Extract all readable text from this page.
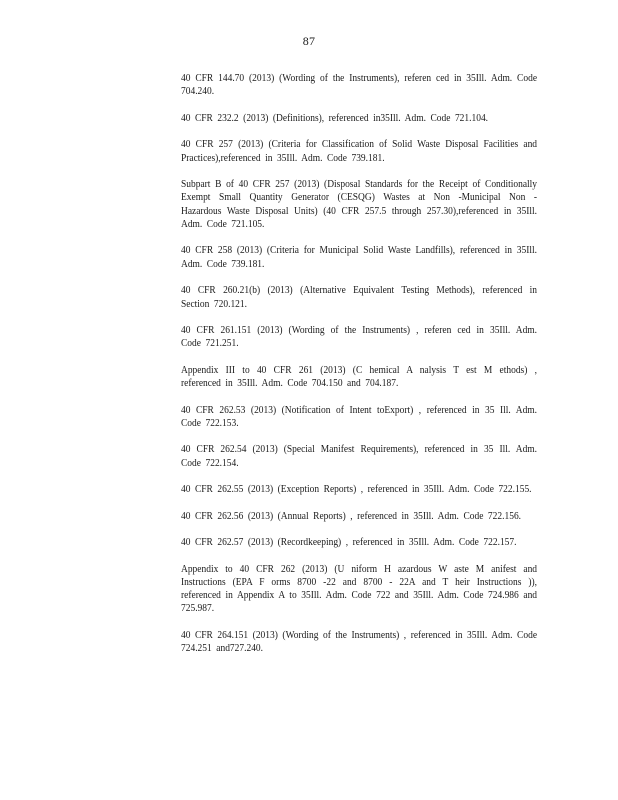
87

40 CFR 144.70 (2013) (Wording of the Instruments), referen ced in 35Ill. Adm. Code 704.240.

40 CFR 232.2 (2013) (Definitions), referenced in35Ill. Adm. Code 721.104.

40 CFR 257 (2013) (Criteria for Classification of Solid Waste Disposal Facilities and Practices),referenced in 35Ill. Adm. Code 739.181.

Subpart B of 40 CFR 257 (2013) (Disposal Standards for the Receipt of Conditionally Exempt Small Quantity Generator (CESQG) Wastes at Non -Municipal Non - Hazardous Waste Disposal Units) (40 CFR 257.5 through 257.30),referenced in 35Ill. Adm. Code 721.105.

40 CFR 258 (2013) (Criteria for Municipal Solid Waste Landfills), referenced in 35Ill. Adm. Code 739.181.

40 CFR 260.21(b) (2013) (Alternative Equivalent Testing Methods), referenced in Section 720.121.

40 CFR 261.151 (2013) (Wording of the Instruments) , referen ced in 35Ill. Adm. Code 721.251.

Appendix III to 40 CFR 261 (2013) (C hemical A nalysis T est M ethods) , referenced in 35Ill. Adm. Code 704.150 and 704.187.

40 CFR 262.53 (2013) (Notification of Intent toExport) , referenced in 35 Ill. Adm. Code 722.153.

40 CFR 262.54 (2013) (Special Manifest Requirements), referenced in 35 Ill. Adm. Code 722.154.

40 CFR 262.55 (2013) (Exception Reports) , referenced in 35Ill. Adm. Code 722.155.

40 CFR 262.56 (2013) (Annual Reports) , referenced in 35Ill. Adm. Code 722.156.

40 CFR 262.57 (2013) (Recordkeeping) , referenced in 35Ill. Adm. Code 722.157.

Appendix to 40 CFR 262 (2013) (U niform H azardous W aste M anifest and Instructions (EPA F orms 8700 -22 and 8700 - 22A and T heir Instructions )), referenced in Appendix A to 35Ill. Adm. Code 722 and 35Ill. Adm. Code 724.986 and 725.987.

40 CFR 264.151 (2013) (Wording of the Instruments) , referenced in 35Ill. Adm. Code 724.251 and727.240.
